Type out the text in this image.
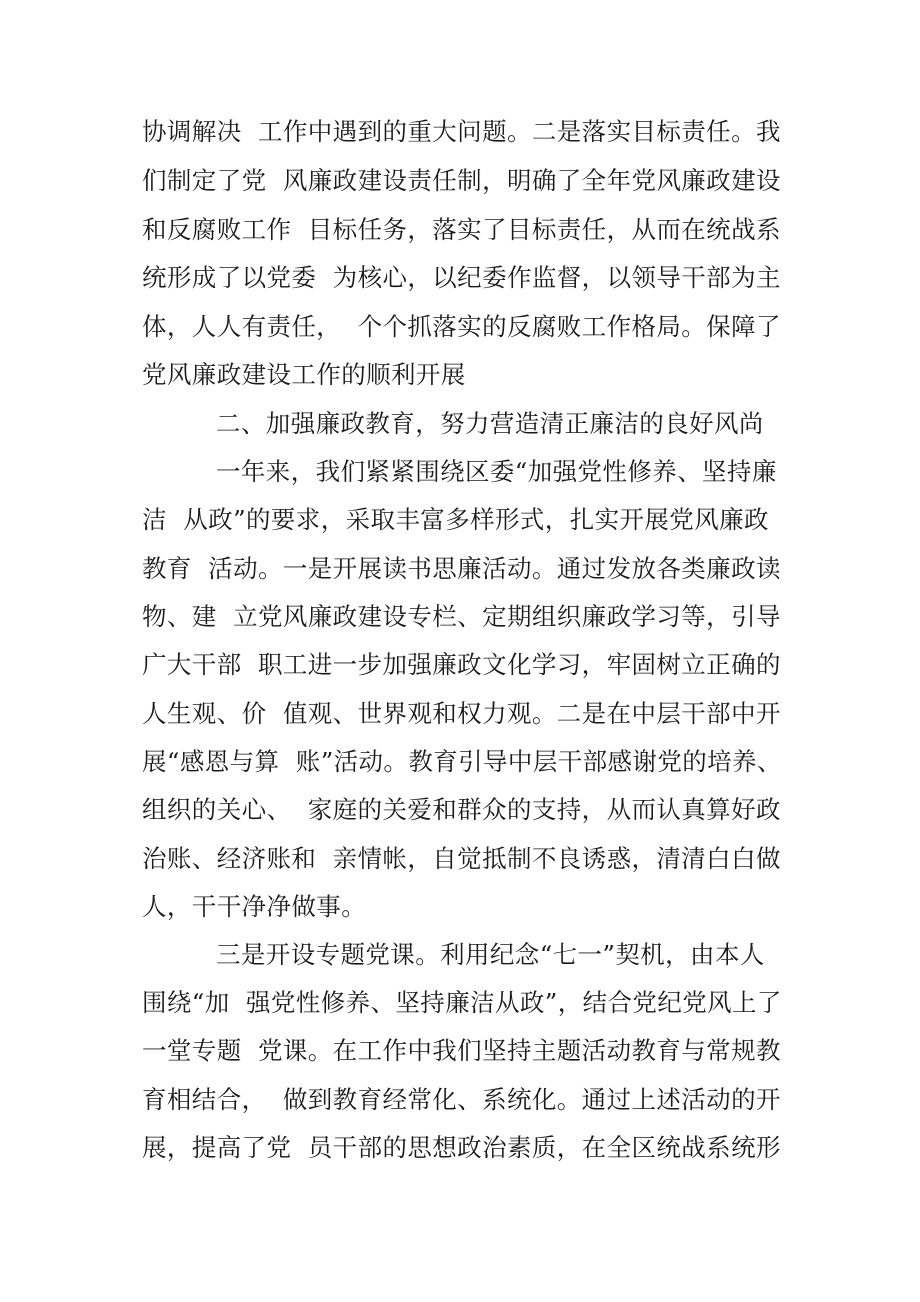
协调解决  工作中遇到的重大问题。二是落实目标责任。我
们制定了党  风廉政建设责任制，明确了全年党风廉政建设
和反腐败工作  目标任务，落实了目标责任，从而在统战系
统形成了以党委  为核心，以纪委作监督，以领导干部为主
体，人人有责任，  个个抓落实的反腐败工作格局。保障了
党风廉政建设工作的顺利开展
二、加强廉政教育，努力营造清正廉洁的良好风尚
一年来，我们紧紧围绕区委“加强党性修养、坚持廉
洁  从政”的要求，采取丰富多样形式，扎实开展党风廉政
教育  活动。一是开展读书思廉活动。通过发放各类廉政读
物、建  立党风廉政建设专栏、定期组织廉政学习等，引导
广大干部  职工进一步加强廉政文化学习，牢固树立正确的
人生观、价  值观、世界观和权力观。二是在中层干部中开
展“感恩与算  账”活动。教育引导中层干部感谢党的培养、
组织的关心、  家庭的关爱和群众的支持，从而认真算好政
治账、经济账和  亲情帐，自觉抵制不良诱惑，清清白白做
人，干干净净做事。
三是开设专题党课。利用纪念“七一”契机，由本人
围绕“加  强党性修养、坚持廉洁从政”，结合党纪党风上了
一堂专题  党课。在工作中我们坚持主题活动教育与常规教
育相结合，  做到教育经常化、系统化。通过上述活动的开
展，提高了党  员干部的思想政治素质，在全区统战系统形
